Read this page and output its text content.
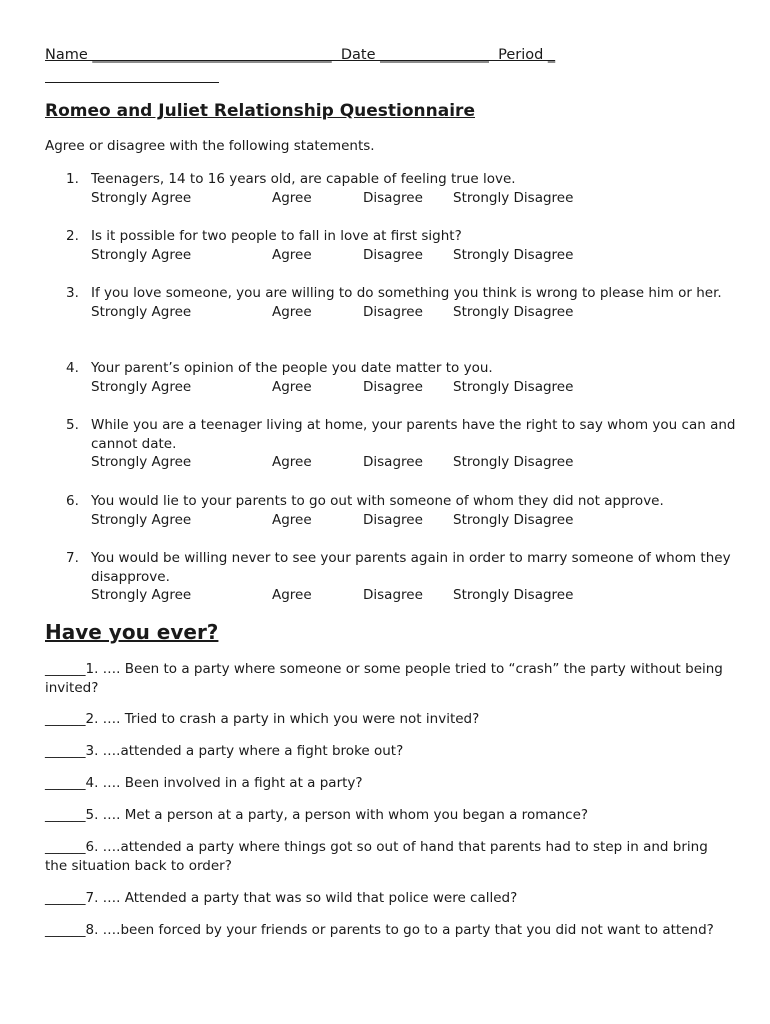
Name _________________________________  Date _______________  Period _
Romeo and Juliet Relationship Questionnaire
Agree or disagree with the following statements.
1. Teenagers, 14 to 16 years old, are capable of feeling true love.
Strongly Agree	Agree	Disagree Strongly Disagree
2. Is it possible for two people to fall in love at first sight?
Strongly Agree	Agree	Disagree Strongly Disagree
3. If you love someone, you are willing to do something you think is wrong to please him or her.
Strongly Agree	Agree	Disagree Strongly Disagree
4. Your parent’s opinion of the people you date matter to you.
Strongly Agree	Agree	Disagree Strongly Disagree
5. While you are a teenager living at home, your parents have the right to say whom you can and cannot date.
Strongly Agree	Agree	Disagree Strongly Disagree
6. You would lie to your parents to go out with someone of whom they did not approve.
Strongly Agree	Agree	Disagree Strongly Disagree
7. You would be willing never to see your parents again in order to marry someone of whom they disapprove.
Strongly Agree	Agree	Disagree Strongly Disagree
Have you ever?
______1. …. Been to a party where someone or some people tried to “crash” the party without being invited?
______2. …. Tried to crash a party in which you were not invited?
______3. ….attended a party where a fight broke out?
______4. …. Been involved in a fight at a party?
______5. …. Met a person at a party, a person with whom you began a romance?
______6. ….attended a party where things got so out of hand that parents had to step in and bring the situation back to order?
______7. …. Attended a party that was so wild that police were called?
______8. ….been forced by your friends or parents to go to a party that you did not want to attend?
